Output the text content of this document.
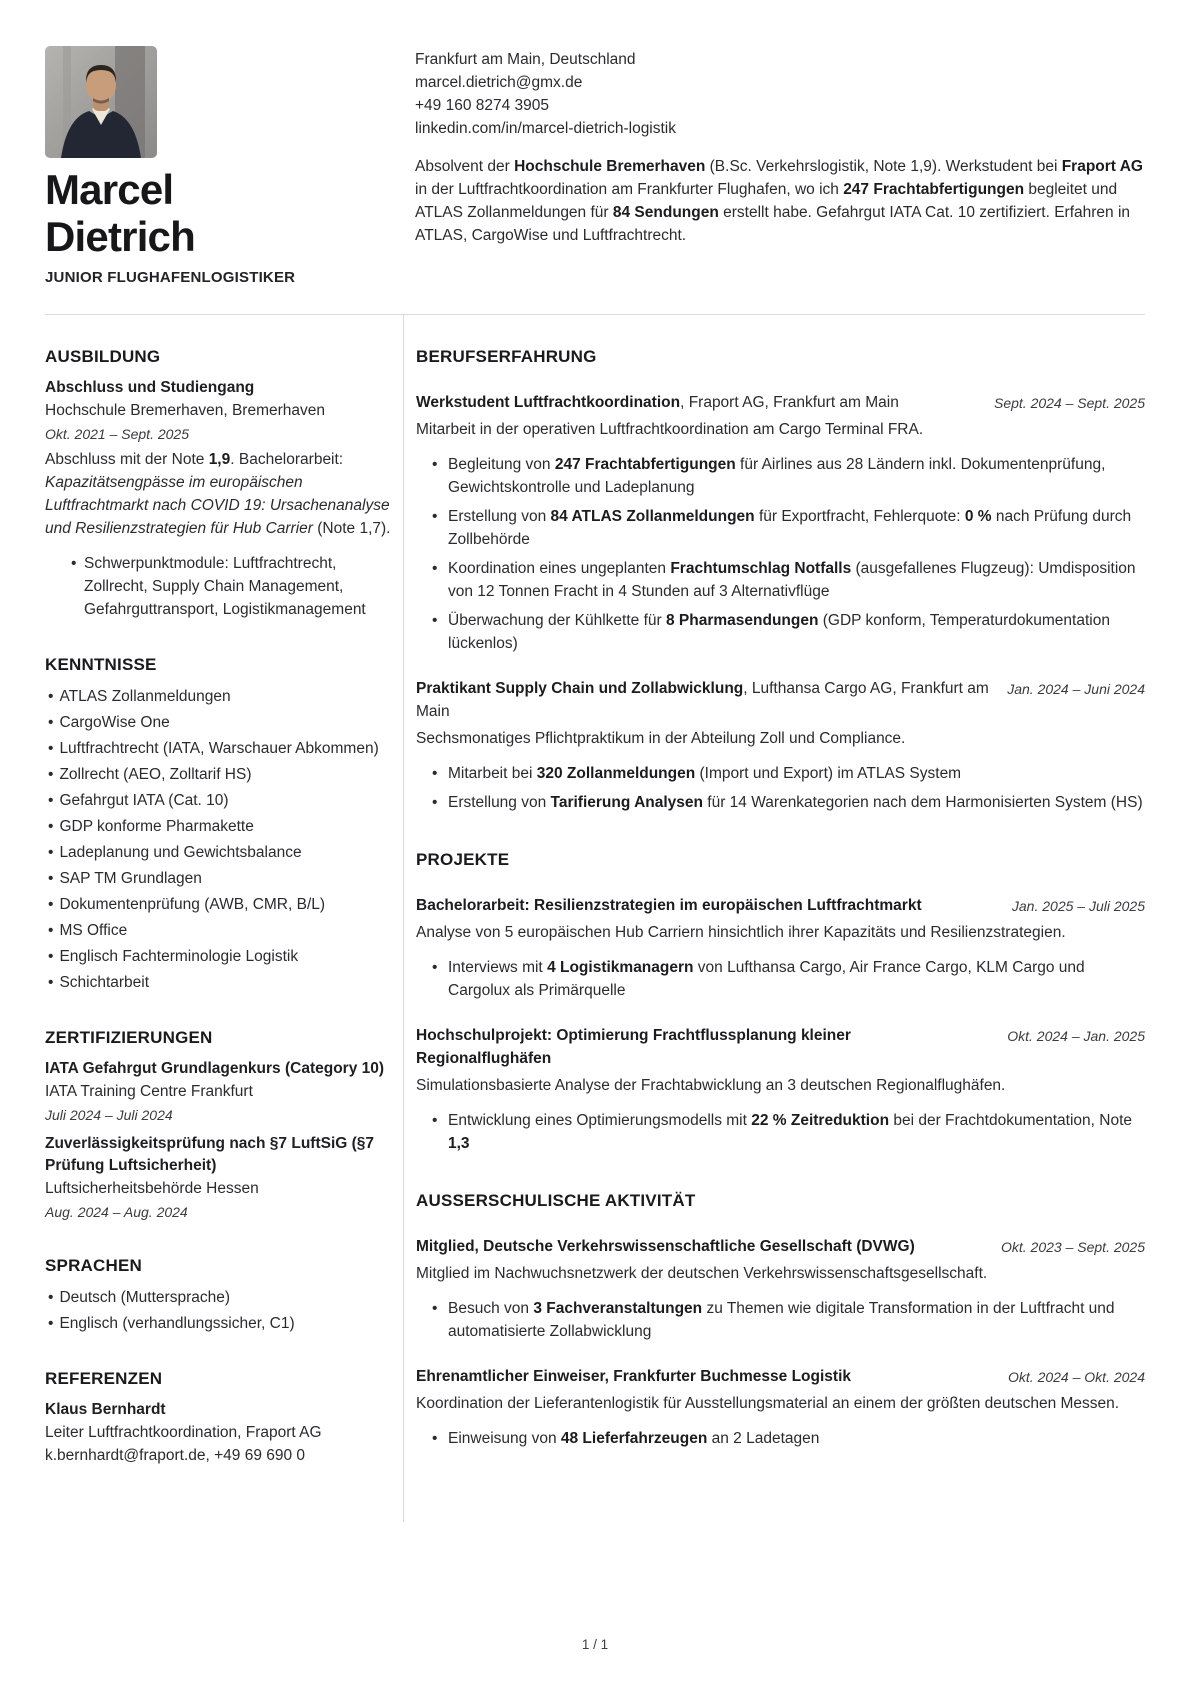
Marcel
Dietrich
JUNIOR FLUGHAFENLOGISTIKER
Frankfurt am Main, Deutschland
marcel.dietrich@gmx.de
+49 160 8274 3905
linkedin.com/in/marcel-dietrich-logistik
Absolvent der Hochschule Bremerhaven (B.Sc. Verkehrslogistik, Note 1,9). Werkstudent bei Fraport AG in der Luftfrachtkoordination am Frankfurter Flughafen, wo ich 247 Frachtabfertigungen begleitet und ATLAS Zollanmeldungen für 84 Sendungen erstellt habe. Gefahrgut IATA Cat. 10 zertifiziert. Erfahren in ATLAS, CargoWise und Luftfrachtrecht.
AUSBILDUNG
Abschluss und Studiengang
Hochschule Bremerhaven, Bremerhaven
Okt. 2021 – Sept. 2025
Abschluss mit der Note 1,9. Bachelorarbeit: Kapazitätsengpässe im europäischen Luftfrachtmarkt nach COVID 19: Ursachenanalyse und Resilienzstrategien für Hub Carrier (Note 1,7).
• Schwerpunktmodule: Luftfrachtrecht, Zollrecht, Supply Chain Management, Gefahrguttransport, Logistikmanagement
KENNTNISSE
• ATLAS Zollanmeldungen
• CargoWise One
• Luftfrachtrecht (IATA, Warschauer Abkommen)
• Zollrecht (AEO, Zolltarif HS)
• Gefahrgut IATA (Cat. 10)
• GDP konforme Pharmakette
• Ladeplanung und Gewichtsbalance
• SAP TM Grundlagen
• Dokumentenprüfung (AWB, CMR, B/L)
• MS Office
• Englisch Fachterminologie Logistik
• Schichtarbeit
ZERTIFIZIERUNGEN
IATA Gefahrgut Grundlagenkurs (Category 10)
IATA Training Centre Frankfurt
Juli 2024 – Juli 2024
Zuverlässigkeitsprüfung nach §7 LuftSiG (§7 Prüfung Luftsicherheit)
Luftsicherheitsbehörde Hessen
Aug. 2024 – Aug. 2024
SPRACHEN
• Deutsch (Muttersprache)
• Englisch (verhandlungssicher, C1)
REFERENZEN
Klaus Bernhardt
Leiter Luftfrachtkoordination, Fraport AG
k.bernhardt@fraport.de, +49 69 690 0
BERUFSERFAHRUNG
Werkstudent Luftfrachtkoordination, Fraport AG, Frankfurt am Main	Sept. 2024 – Sept. 2025
Mitarbeit in der operativen Luftfrachtkoordination am Cargo Terminal FRA.
• Begleitung von 247 Frachtabfertigungen für Airlines aus 28 Ländern inkl. Dokumentenprüfung, Gewichtskontrolle und Ladeplanung
• Erstellung von 84 ATLAS Zollanmeldungen für Exportfracht, Fehlerquote: 0 % nach Prüfung durch Zollbehörde
• Koordination eines ungeplanten Frachtumschlag Notfalls (ausgefallenes Flugzeug): Umdisposition von 12 Tonnen Fracht in 4 Stunden auf 3 Alternativflüge
• Überwachung der Kühlkette für 8 Pharmasendungen (GDP konform, Temperaturdokumentation lückenlos)
Praktikant Supply Chain und Zollabwicklung, Lufthansa Cargo AG, Frankfurt am Main
Jan. 2024 – Juni 2024
Sechsmonatiges Pflichtpraktikum in der Abteilung Zoll und Compliance.
• Mitarbeit bei 320 Zollanmeldungen (Import und Export) im ATLAS System
• Erstellung von Tarifierung Analysen für 14 Warenkategorien nach dem Harmonisierten System (HS)
PROJEKTE
Bachelorarbeit: Resilienzstrategien im europäischen Luftfrachtmarkt	Jan. 2025 – Juli 2025
Analyse von 5 europäischen Hub Carriern hinsichtlich ihrer Kapazitäts und Resilienzstrategien.
• Interviews mit 4 Logistikmanagern von Lufthansa Cargo, Air France Cargo, KLM Cargo und Cargolux als Primärquelle
Hochschulprojekt: Optimierung Frachtflussplanung kleiner Regionalflughäfen
Okt. 2024 – Jan. 2025
Simulationsbasierte Analyse der Frachtabwicklung an 3 deutschen Regionalflughäfen.
• Entwicklung eines Optimierungsmodells mit 22 % Zeitreduktion bei der Frachtdokumentation, Note 1,3
AUSSERSCHULISCHE AKTIVITÄT
Mitglied, Deutsche Verkehrswissenschaftliche Gesellschaft (DVWG)	Okt. 2023 – Sept. 2025
Mitglied im Nachwuchsnetzwerk der deutschen Verkehrswissenschaftsgesellschaft.
• Besuch von 3 Fachveranstaltungen zu Themen wie digitale Transformation in der Luftfracht und automatisierte Zollabwicklung
Ehrenamtlicher Einweiser, Frankfurter Buchmesse Logistik	Okt. 2024 – Okt. 2024
Koordination der Lieferantenlogistik für Ausstellungsmaterial an einem der größten deutschen Messen.
• Einweisung von 48 Lieferfahrzeugen an 2 Ladetagen
1 / 1
